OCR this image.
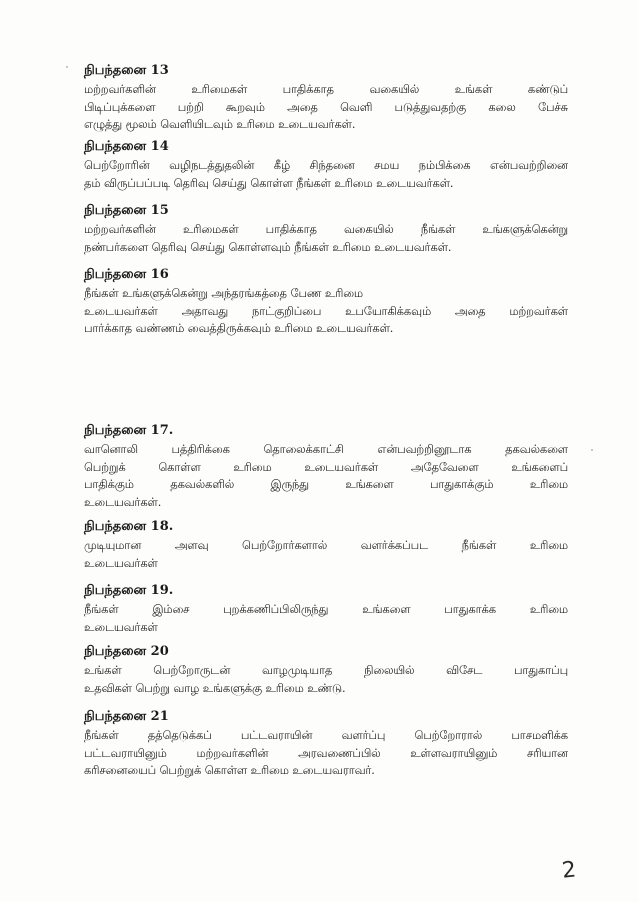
நிபந்தனை 13
மற்றவர்களின் உரிமைகள் பாதிக்காத வகையில் உங்கள் கண்டுப்
பிடிப்புக்களை பற்றி கூறவும் அதை வெளி படுத்துவதற்கு கலை பேச்சு
எழுத்து மூலம் வெளியிடவும் உரிமை உடையவர்கள்.
நிபந்தனை 14
பெற்றோரின் வழிநடத்துதலின் கீழ் சிந்தனை சமய நம்பிக்கை என்பவற்றினை
தம் விருப்பப்படி தெரிவு செய்து கொள்ள நீங்கள் உரிமை உடையவர்கள்.
நிபந்தனை 15
மற்றவர்களின் உரிமைகள் பாதிக்காத வகையில் நீங்கள் உங்களுக்கென்று
நண்பர்களை தெரிவு செய்து கொள்ளவும் நீங்கள் உரிமை உடையவர்கள்.
நிபந்தனை 16
நீங்கள் உங்களுக்கென்று அந்தரங்கத்தை பேண உரிமை
உடையவர்கள் அதாவது நாட்குறிப்பை உபயோகிக்கவும் அதை மற்றவர்கள்
பார்க்காத வண்ணம் வைத்திருக்கவும் உரிமை உடையவர்கள்.
நிபந்தனை 17.
வானொலி பத்திரிக்கை தொலைக்காட்சி என்பவற்றினூடாக தகவல்களை
பெற்றுக் கொள்ள உரிமை உடையவர்கள் அதேவேளை உங்களைப்
பாதிக்கும் தகவல்களில் இருந்து உங்களை பாதுகாக்கும் உரிமை
உடையவர்கள்.
நிபந்தனை 18.
முடியுமான அளவு பெற்றோர்களால் வளர்க்கப்பட நீங்கள் உரிமை
உடையவர்கள்
நிபந்தனை 19.
நீங்கள் இம்சை புறக்கணிப்பிலிருந்து உங்களை பாதுகாக்க உரிமை
உடையவர்கள்
நிபந்தனை 20
உங்கள் பெற்றோருடன் வாழமுடியாத நிலையில் விசேட பாதுகாப்பு
உதவிகள் பெற்று வாழ உங்களுக்கு உரிமை உண்டு.
நிபந்தனை 21
நீங்கள் தத்தெடுக்கப் பட்டவராயின் வளர்ப்பு பெற்றோரால் பாசமளிக்க
பட்டவராயினும் மற்றவர்களின் அரவணைப்பில் உள்ளவராயினும் சரியான
கரிசனையைப் பெற்றுக் கொள்ள உரிமை உடையவராவர்.
2
